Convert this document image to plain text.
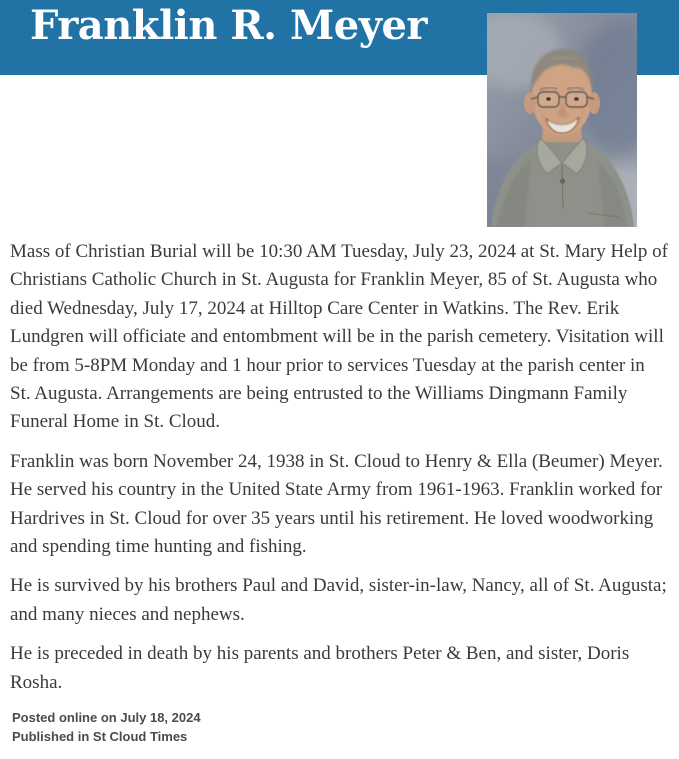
Franklin R. Meyer

Mass of Christian Burial will be 10:30 AM Tuesday, July 23, 2024 at St. Mary Help of Christians Catholic Church in St. Augusta for Franklin Meyer, 85 of St. Augusta who died Wednesday, July 17, 2024 at Hilltop Care Center in Watkins. The Rev. Erik Lundgren will officiate and entombment will be in the parish cemetery. Visitation will be from 5-8PM Monday and 1 hour prior to services Tuesday at the parish center in St. Augusta. Arrangements are being entrusted to the Williams Dingmann Family Funeral Home in St. Cloud.

Franklin was born November 24, 1938 in St. Cloud to Henry & Ella (Beumer) Meyer. He served his country in the United State Army from 1961-1963. Franklin worked for Hardrives in St. Cloud for over 35 years until his retirement. He loved woodworking and spending time hunting and fishing.

He is survived by his brothers Paul and David, sister-in-law, Nancy, all of St. Augusta; and many nieces and nephews.

He is preceded in death by his parents and brothers Peter & Ben, and sister, Doris Rosha.

Posted online on July 18, 2024
Published in St Cloud Times
